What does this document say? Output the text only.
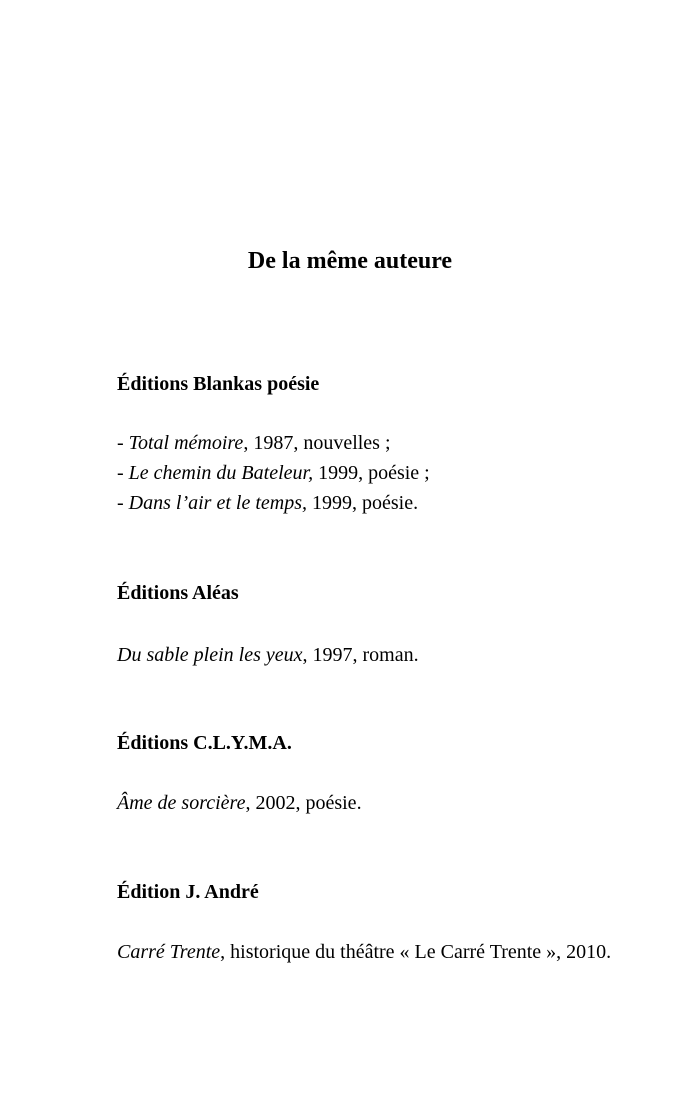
De la même auteure
Éditions Blankas poésie
- Total mémoire, 1987, nouvelles ;
- Le chemin du Bateleur, 1999, poésie ;
- Dans l’air et le temps, 1999, poésie.
Éditions Aléas
Du sable plein les yeux, 1997, roman.
Éditions C.L.Y.M.A.
Âme de sorcière, 2002, poésie.
Édition J. André
Carré Trente, historique du théâtre « Le Carré Trente », 2010.
